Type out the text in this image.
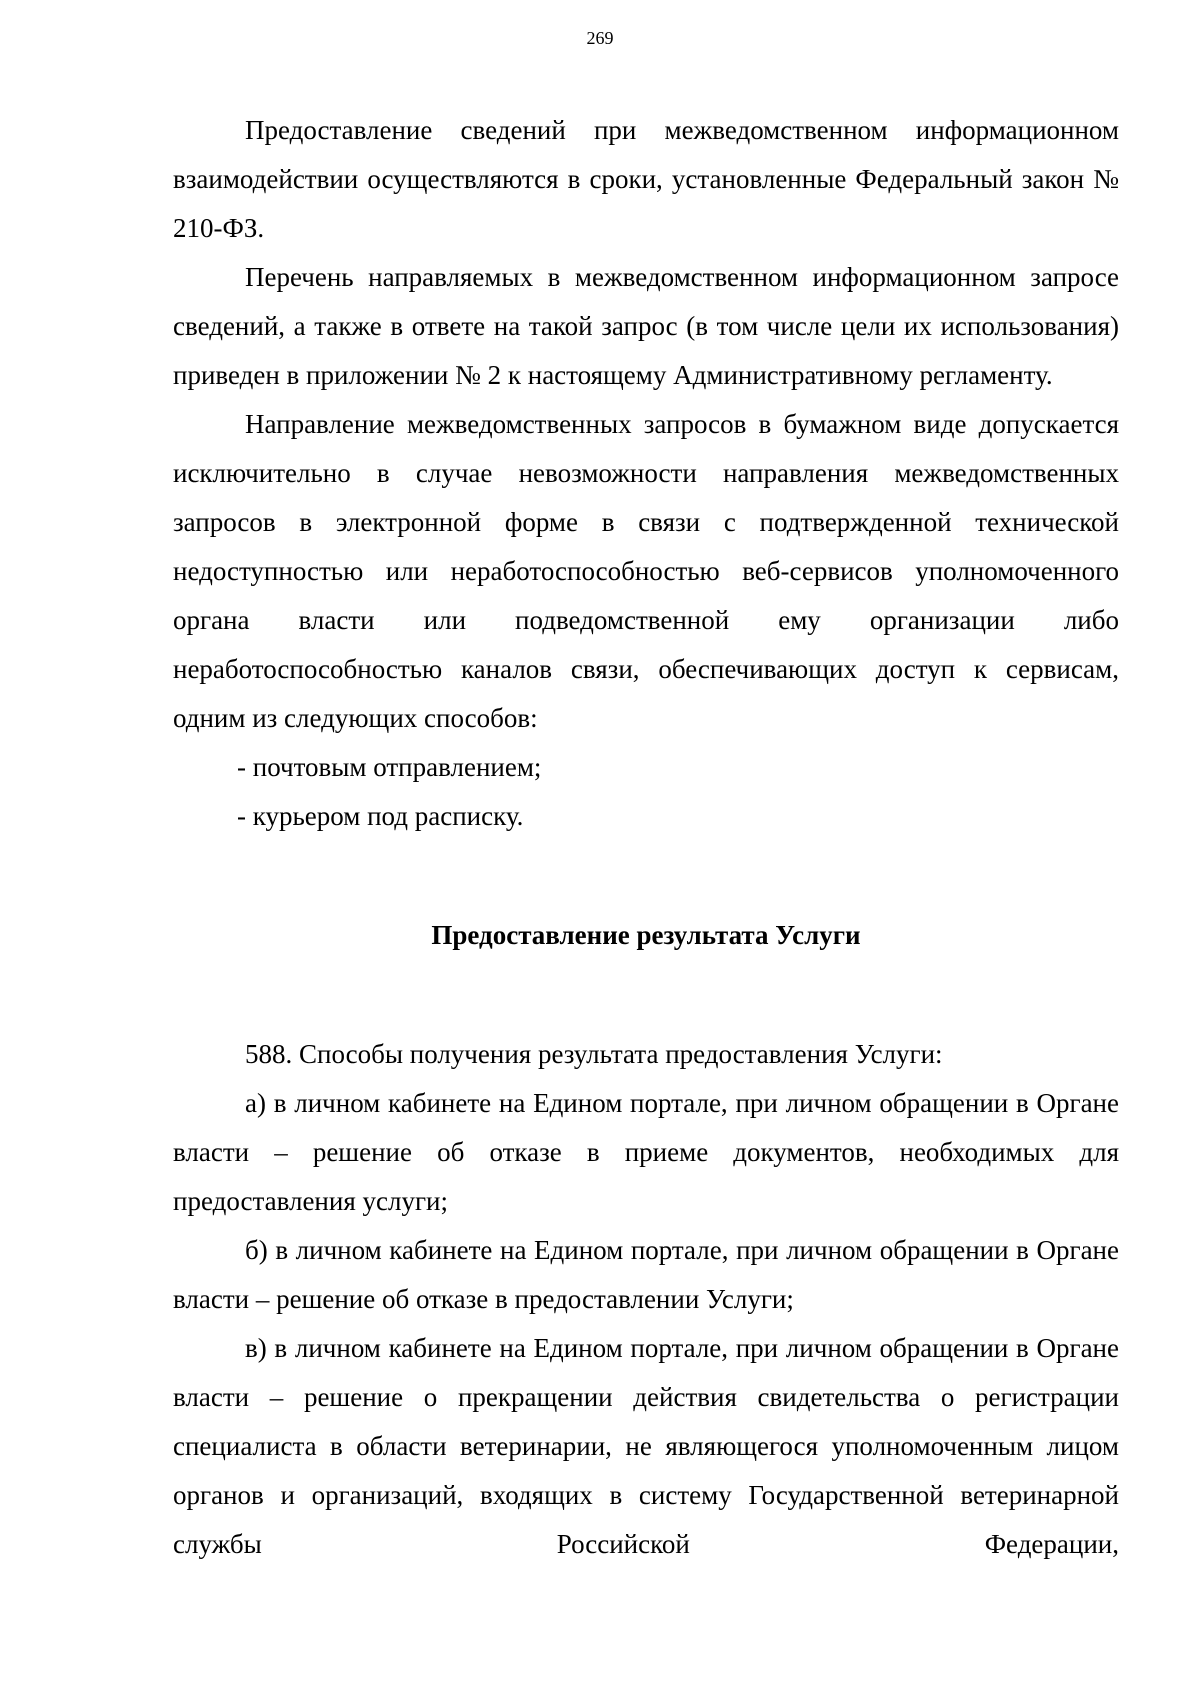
269

Предоставление сведений при межведомственном информационном взаимодействии осуществляются в сроки, установленные Федеральный закон № 210-ФЗ.

Перечень направляемых в межведомственном информационном запросе сведений, а также в ответе на такой запрос (в том числе цели их использования) приведен в приложении № 2 к настоящему Административному регламенту.

Направление межведомственных запросов в бумажном виде допускается исключительно в случае невозможности направления межведомственных запросов в электронной форме в связи с подтвержденной технической недоступностью или неработоспособностью веб-сервисов уполномоченного органа власти или подведомственной ему организации либо неработоспособностью каналов связи, обеспечивающих доступ к сервисам, одним из следующих способов:

- почтовым отправлением;

- курьером под расписку.

Предоставление результата Услуги

588. Способы получения результата предоставления Услуги:

а) в личном кабинете на Едином портале, при личном обращении в Органе власти – решение об отказе в приеме документов, необходимых для предоставления услуги;

б) в личном кабинете на Едином портале, при личном обращении в Органе власти – решение об отказе в предоставлении Услуги;

в) в личном кабинете на Едином портале, при личном обращении в Органе власти – решение о прекращении действия свидетельства о регистрации специалиста в области ветеринарии, не являющегося уполномоченным лицом органов и организаций, входящих в систему Государственной ветеринарной службы Российской Федерации,
